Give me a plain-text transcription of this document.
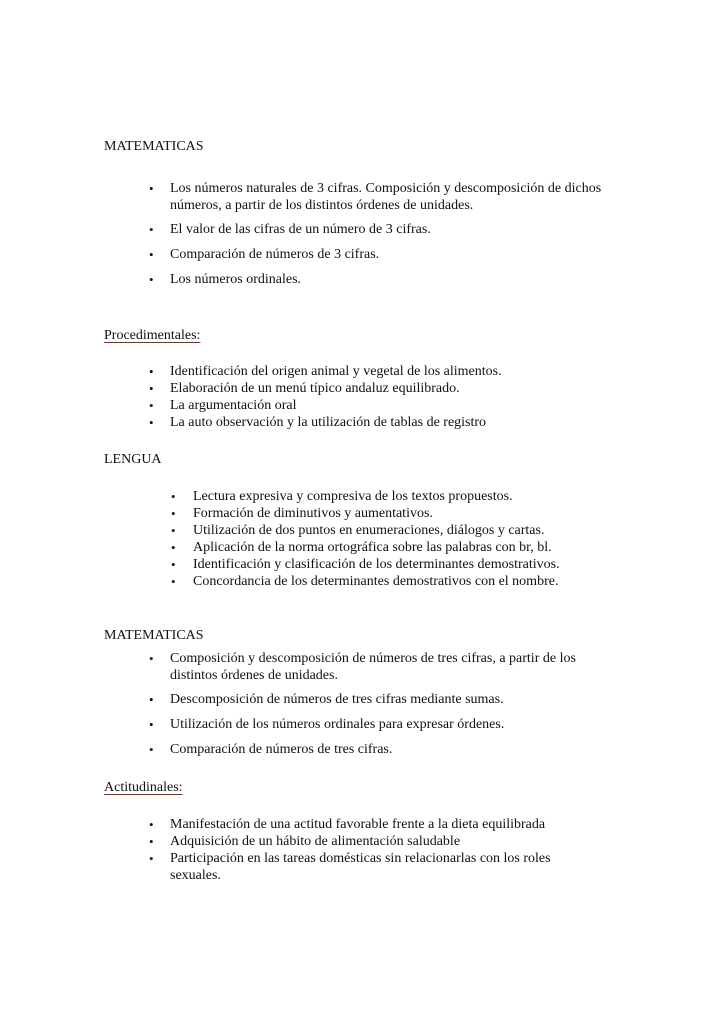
MATEMATICAS
• Los números naturales de 3 cifras. Composición y descomposición de dichos
números, a partir de los distintos órdenes de unidades.
• El valor de las cifras de un número de 3 cifras.
• Comparación de números de 3 cifras.
• Los números ordinales.
Procedimentales:
• Identificación del origen animal y vegetal de los alimentos.
• Elaboración de un menú típico andaluz equilibrado.
• La argumentación oral
• La auto observación y la utilización de tablas de registro
LENGUA
• Lectura expresiva y compresiva de los textos propuestos.
• Formación de diminutivos y aumentativos.
• Utilización de dos puntos en enumeraciones, diálogos y cartas.
• Aplicación de la norma ortográfica sobre las palabras con br, bl.
• Identificación y clasificación de los determinantes demostrativos.
• Concordancia de los determinantes demostrativos con el nombre.
MATEMATICAS
• Composición y descomposición de números de tres cifras, a partir de los
distintos órdenes de unidades.
• Descomposición de números de tres cifras mediante sumas.
• Utilización de los números ordinales para expresar órdenes.
• Comparación de números de tres cifras.
Actitudinales:
• Manifestación de una actitud favorable frente a la dieta equilibrada
• Adquisición de un hábito de alimentación saludable
• Participación en las tareas domésticas sin relacionarlas con los roles
sexuales.
